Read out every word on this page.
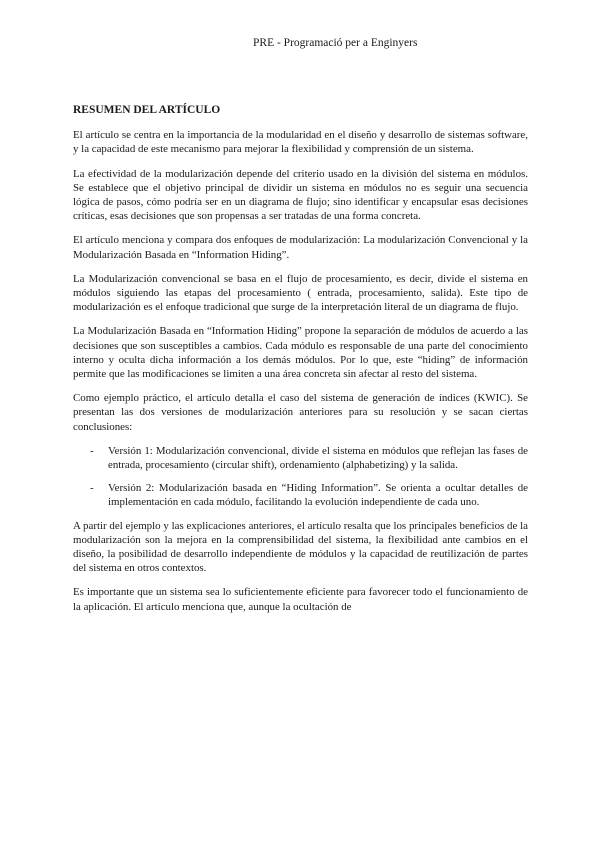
PRE - Programació per a Enginyers
RESUMEN DEL ARTÍCULO

El artículo se centra en la importancia de la modularidad en el diseño y desarrollo de sistemas software, y la capacidad de este mecanismo para mejorar la flexibilidad y comprensión de un sistema.

La efectividad de la modularización depende del criterio usado en la división del sistema en módulos. Se establece que el objetivo principal de dividir un sistema en módulos no es seguir una secuencia lógica de pasos, cómo podría ser en un diagrama de flujo; sino identificar y encapsular esas decisiones críticas, esas decisiones que son propensas a ser tratadas de una forma concreta.

El artículo menciona y compara dos enfoques de modularización: La modularización Convencional y la Modularización Basada en “Information Hiding”.

La Modularización convencional se basa en el flujo de procesamiento, es decir, divide el sistema en módulos siguiendo las etapas del procesamiento ( entrada, procesamiento, salida). Este tipo de modularización es el enfoque tradicional que surge de la interpretación literal de un diagrama de flujo.

La Modularización Basada en “Information Hiding” propone la separación de módulos de acuerdo a las decisiones que son susceptibles a cambios. Cada módulo es responsable de una parte del conocimiento interno y oculta dicha información a los demás módulos. Por lo que, este “hiding” de información permite que las modificaciones se limiten a una área concreta sin afectar al resto del sistema.

Como ejemplo práctico, el artículo detalla el caso del sistema de generación de índices (KWIC). Se presentan las dos versiones de modularización anteriores para su resolución y se sacan ciertas conclusiones:

- Versión 1: Modularización convencional, divide el sistema en módulos que reflejan las fases de entrada, procesamiento (circular shift), ordenamiento (alphabetizing) y la salida.
- Versión 2: Modularización basada en “Hiding Information”. Se orienta a ocultar detalles de implementación en cada módulo, facilitando la evolución independiente de cada uno.

A partir del ejemplo y las explicaciones anteriores, el artículo resalta que los principales beneficios de la modularización son la mejora en la comprensibilidad del sistema, la flexibilidad ante cambios en el diseño, la posibilidad de desarrollo independiente de módulos y la capacidad de reutilización de partes del sistema en otros contextos.

Es importante que un sistema sea lo suficientemente eficiente para favorecer todo el funcionamiento de la aplicación. El artículo menciona que, aunque la ocultación de
